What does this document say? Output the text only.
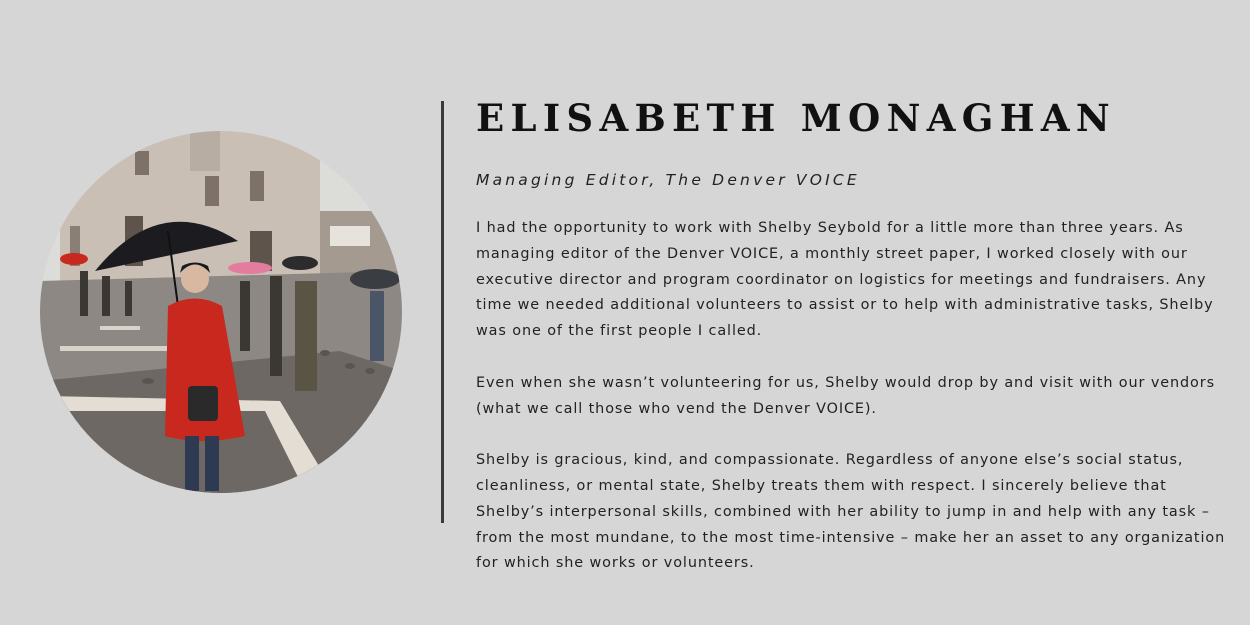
ELISABETH MONAGHAN
Managing Editor, The Denver VOICE

I had the opportunity to work with Shelby Seybold for a little more than three years. As managing editor of the Denver VOICE, a monthly street paper, I worked closely with our executive director and program coordinator on logistics for meetings and fundraisers. Any time we needed additional volunteers to assist or to help with administrative tasks, Shelby was one of the first people I called.

Even when she wasn’t volunteering for us, Shelby would drop by and visit with our vendors (what we call those who vend the Denver VOICE).

Shelby is gracious, kind, and compassionate. Regardless of anyone else’s social status, cleanliness, or mental state, Shelby treats them with respect. I sincerely believe that Shelby’s interpersonal skills, combined with her ability to jump in and help with any task – from the most mundane, to the most time-intensive – make her an asset to any organization for which she works or volunteers.
